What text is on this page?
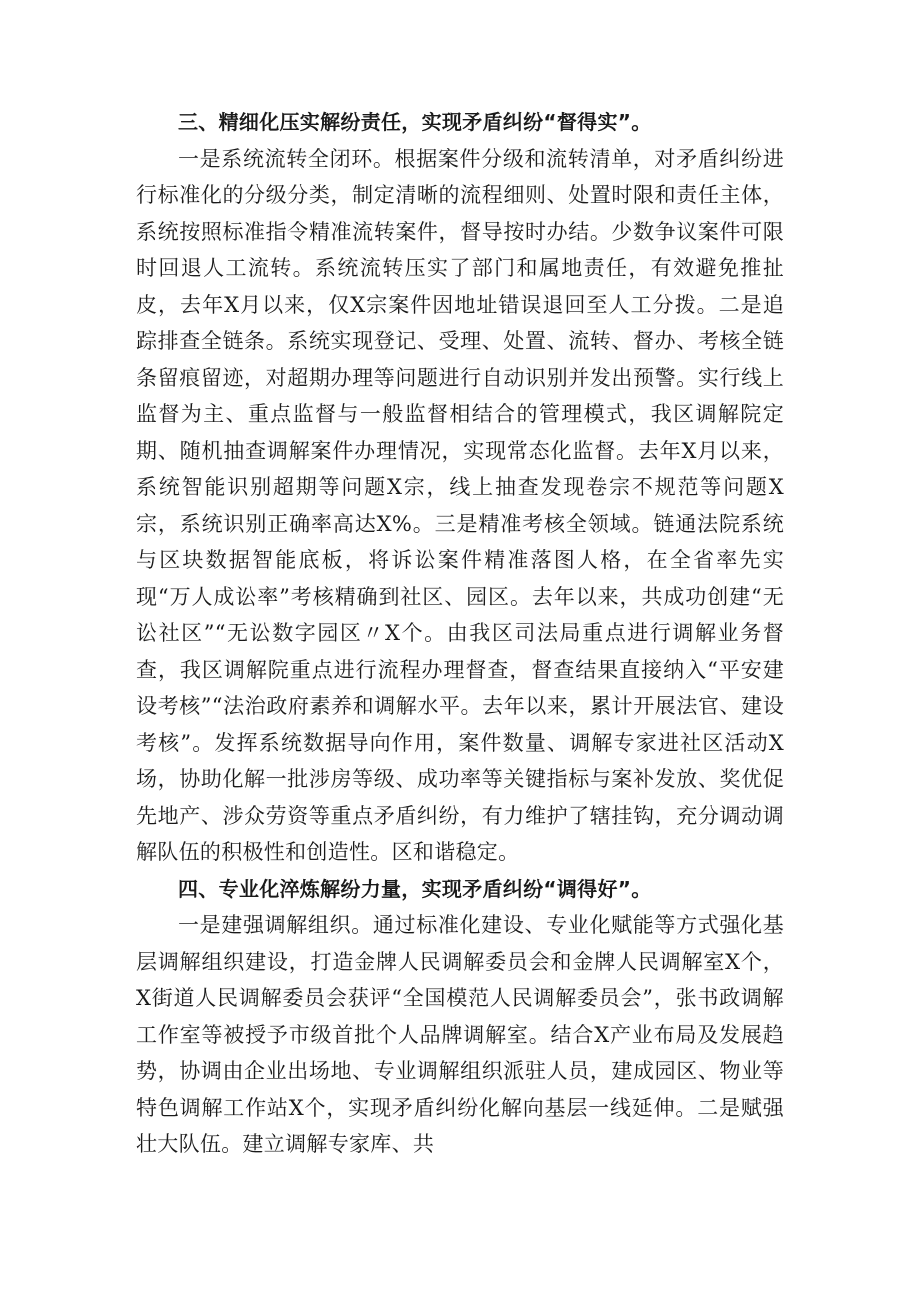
三、精细化压实解纷责任，实现矛盾纠纷“督得实”。

一是系统流转全闭环。根据案件分级和流转清单，对矛盾纠纷进行标准化的分级分类，制定清晰的流程细则、处置时限和责任主体，系统按照标准指令精准流转案件，督导按时办结。少数争议案件可限时回退人工流转。系统流转压实了部门和属地责任，有效避免推扯皮，去年X月以来，仅X宗案件因地址错误退回至人工分拨。二是追踪排查全链条。系统实现登记、受理、处置、流转、督办、考核全链条留痕留迹，对超期办理等问题进行自动识别并发出预警。实行线上监督为主、重点监督与一般监督相结合的管理模式，我区调解院定期、随机抽查调解案件办理情况，实现常态化监督。去年X月以来，系统智能识别超期等问题X宗，线上抽查发现卷宗不规范等问题X宗，系统识别正确率高达X%。三是精准考核全领域。链通法院系统与区块数据智能底板，将诉讼案件精准落图人格，在全省率先实现“万人成讼率”考核精确到社区、园区。去年以来，共成功创建“无讼社区”“无讼数字园区〃X个。由我区司法局重点进行调解业务督查，我区调解院重点进行流程办理督查，督查结果直接纳入“平安建设考核”“法治政府素养和调解水平。去年以来，累计开展法官、建设考核”。发挥系统数据导向作用，案件数量、调解专家进社区活动X场，协助化解一批涉房等级、成功率等关键指标与案补发放、奖优促先地产、涉众劳资等重点矛盾纠纷，有力维护了辖挂钩，充分调动调解队伍的积极性和创造性。区和谐稳定。

四、专业化淬炼解纷力量，实现矛盾纠纷“调得好”。

一是建强调解组织。通过标准化建设、专业化赋能等方式强化基层调解组织建设，打造金牌人民调解委员会和金牌人民调解室X个，X街道人民调解委员会获评“全国模范人民调解委员会”，张书政调解工作室等被授予市级首批个人品牌调解室。结合X产业布局及发展趋势，协调由企业出场地、专业调解组织派驻人员，建成园区、物业等特色调解工作站X个，实现矛盾纠纷化解向基层一线延伸。二是赋强壮大队伍。建立调解专家库、共
